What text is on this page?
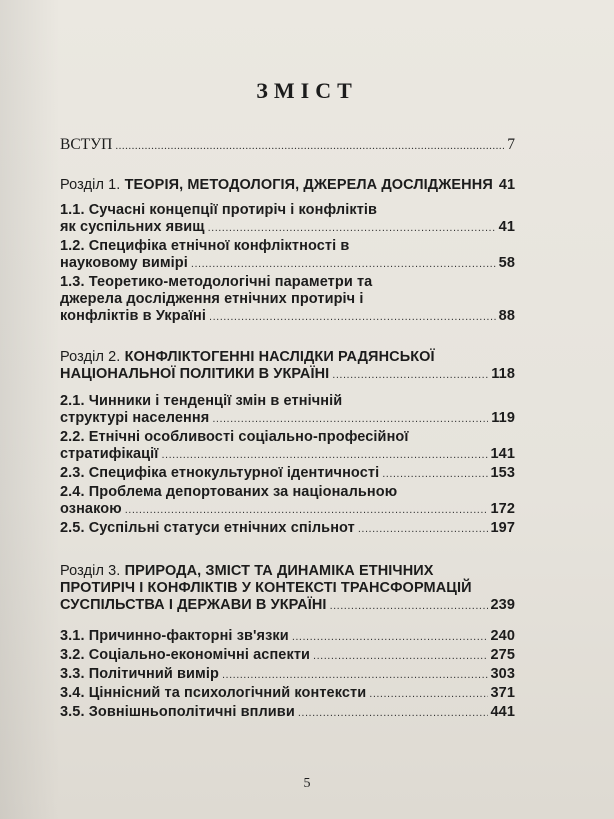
ЗМІСТ
ВСТУП .....	7
Розділ 1. ТЕОРІЯ, МЕТОДОЛОГІЯ, ДЖЕРЕЛА ДОСЛІДЖЕННЯ 41
1.1. Сучасні концепції протиріч і конфліктів
як суспільних явищ .....	41
1.2. Специфіка етнічної конфліктності в
науковому вимірі .....	58
1.3. Теоретико-методологічні параметри та
джерела дослідження етнічних протиріч і
конфліктів в Україні .....	88
Розділ 2. КОНФЛІКТОГЕННІ НАСЛІДКИ РАДЯНСЬКОЇ
НАЦІОНАЛЬНОЇ ПОЛІТИКИ В УКРАЇНІ .....	118
2.1. Чинники і тенденції змін в етнічній
структурі населення .....	119
2.2. Етнічні особливості соціально-професійної
стратифікації .....	141
2.3. Специфіка етнокультурної ідентичності .....	153
2.4. Проблема депортованих за національною
ознакою .....	172
2.5. Суспільні статуси етнічних спільнот .....	197
Розділ 3. ПРИРОДА, ЗМІСТ ТА ДИНАМІКА ЕТНІЧНИХ
ПРОТИРІЧ І КОНФЛІКТІВ У КОНТЕКСТІ ТРАНСФОРМАЦІЙ
СУСПІЛЬСТВА І ДЕРЖАВИ В УКРАЇНІ .....	239
3.1. Причинно-факторні зв'язки .....	240
3.2. Соціально-економічні аспекти .....	275
3.3. Політичний вимір .....	303
3.4. Ціннісний та психологічний контексти .....	371
3.5. Зовнішньополітичні впливи .....	441
5
